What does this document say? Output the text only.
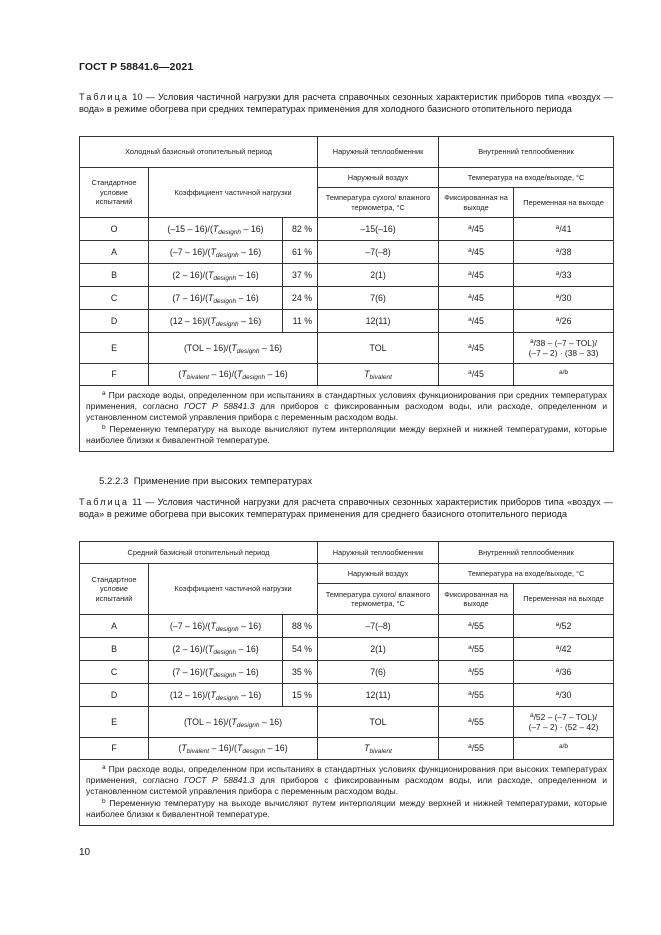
ГОСТ Р 58841.6—2021
Таблица 10 — Условия частичной нагрузки для расчета справочных сезонных характеристик приборов типа «воздух — вода» в режиме обогрева при средних температурах применения для холодного базисного отопительного периода
Холодный базисный отопительный период			Наружный теплообменник	Внутренний теплообменник	
Стандартное условие испытаний	Коэффициент частичной нагрузки		Наружный воздух	Температура на входе/выходе, °С	
			Температура сухого/ влажного термометра, °С	Фиксированная на выходе	Переменная на выходе
O	$(-15 - 16)/(T_{designh} - 16)$	82 %	–15(–16)	$^a$/45	$^a$/41
A	$(-7 - 16)/(T_{designh} - 16)$	61 %	–7(–8)	$^a$/45	$^a$/38
B	$(2 - 16)/(T_{designh} - 16)$	37 %	2(1)	$^a$/45	$^a$/33
C	$(7 - 16)/(T_{designh} - 16)$	24 %	7(6)	$^a$/45	$^a$/30
D	$(12 - 16)/(T_{designh} - 16)$	11 %	12(11)	$^a$/45	$^a$/26
E	$(TOL - 16)/(T_{designh} - 16)$		TOL	$^a$/45	$^a$/38 – (–7 – TOL)/
(–7 – 2) · (38 – 33)
F	$(T_{bivalent} - 16)/(T_{designh} - 16)$		$T_{bivalent}$	$^a$/45	$^{a/b}$

$^a$ При расходе воды, определенном при испытаниях в стандартных условиях функционирования при средних температурах применения, согласно ГОСТ Р 58841.3 для приборов с фиксированным расходом воды, или расходе, определенном и установленном системой управления прибора с переменным расходом воды.

$^b$ Переменную температуру на выходе вычисляют путем интерполяции между верхней и нижней температурами, которые наиболее близки к бивалентной температуре.					

5.2.2.3 Применение при высоких температурах
Таблица 11 — Условия частичной нагрузки для расчета справочных сезонных характеристик приборов типа «воздух — вода» в режиме обогрева при высоких температурах применения для среднего базисного отопительного периода
Средний базисный отопительный период			Наружный теплообменник	Внутренний теплообменник	
Стандартное условие испытаний	Коэффициент частичной нагрузки		Наружный воздух	Температура на входе/выходе, °С	
			Температура сухого/ влажного термометра, °С	Фиксированная на выходе	Переменная на выходе
A	$(-7 - 16)/(T_{designh} - 16)$	88 %	–7(–8)	$^a$/55	$^a$/52
B	$(2 - 16)/(T_{designh} - 16)$	54 %	2(1)	$^a$/55	$^a$/42
C	$(7 - 16)/(T_{designh} - 16)$	35 %	7(6)	$^a$/55	$^a$/36
D	$(12 - 16)/(T_{designh} - 16)$	15 %	12(11)	$^a$/55	$^a$/30
E	$(TOL - 16)/(T_{designh} - 16)$		TOL	$^a$/55	$^a$/52 – (–7 – TOL)/
(–7 – 2) · (52 – 42)
F	$(T_{bivalent} - 16)/(T_{designh} - 16)$		$T_{bivalent}$	$^a$/55	$^{a/b}$

$^a$ При расходе воды, определенном при испытаниях в стандартных условиях функционирования при высоких температурах применения, согласно ГОСТ Р 58841.3 для приборов с фиксированным расходом воды, или расходе, определенном и установленном системой управления прибора с переменным расходом воды.

$^b$ Переменную температуру на выходе вычисляют путем интерполяции между верхней и нижней температурами, которые наиболее близки к бивалентной температуре.					

10
